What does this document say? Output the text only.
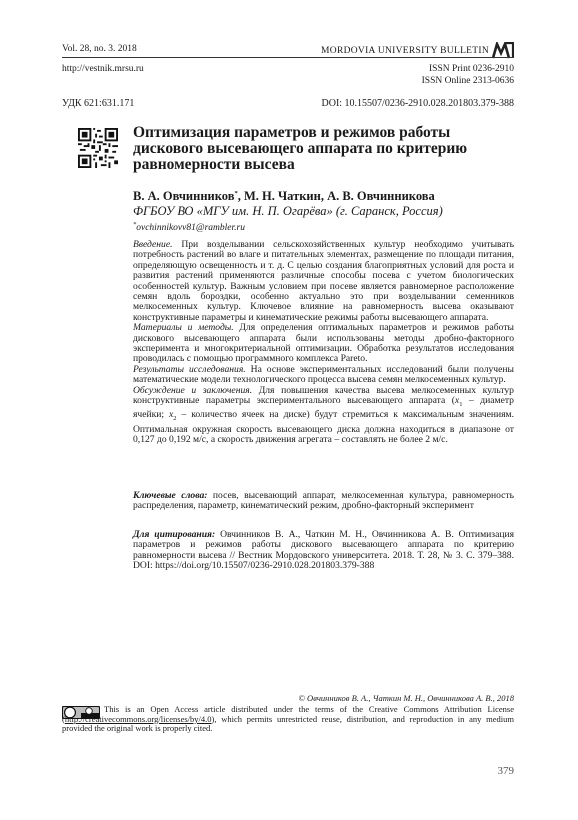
Vol. 28, no. 3. 2018	MORDOVIA UNIVERSITY BULLETIN
http://vestnik.mrsu.ru	ISSN Print 0236-2910
ISSN Online 2313-0636
УДК 621:631.171	DOI: 10.15507/0236-2910.028.201803.379-388
Оптимизация параметров и режимов работы дискового высевающего аппарата по критерию равномерности высева
В. А. Овчинников*, М. Н. Чаткин, А. В. Овчинникова
ФГБОУ ВО «МГУ им. Н. П. Огарёва» (г. Саранск, Россия)
*ovchinnikovv81@rambler.ru

Введение. При возделывании сельскохозяйственных культур необходимо учитывать потребность растений во влаге и питательных элементах, размещение по площади питания, определяющую освещенность и т. д. С целью создания благоприятных условий для роста и развития растений применяются различные способы посева с учетом биологических особенностей культур. Важным условием при посеве является равномерное расположение семян вдоль бороздки, особенно актуально это при возделывании семенников мелкосеменных культур. Ключевое влияние на равномерность высева оказывают конструктивные параметры и кинематические режимы работы высевающего аппарата.

Материалы и методы. Для определения оптимальных параметров и режимов работы дискового высевающего аппарата были использованы методы дробно-факторного эксперимента и многокритериальной оптимизации. Обработка результатов исследования проводилась с помощью программного комплекса Pareto.

Результаты исследования. На основе экспериментальных исследований были получены математические модели технологического процесса высева семян мелкосеменных культур.

Обсуждение и заключения. Для повышения качества высева мелкосеменных культур конструктивные параметры экспериментального высевающего аппарата ($x_1$ – диаметр ячейки; $x_2$ – количество ячеек на диске) будут стремиться к максимальным значениям. Оптимальная окружная скорость высевающего диска должна находиться в диапазоне от 0,127 до 0,192 м/с, а скорость движения агрегата – составлять не более 2 м/с.

Ключевые слова: посев, высевающий аппарат, мелкосеменная культура, равномерность распределения, параметр, кинематический режим, дробно-факторный эксперимент
Для цитирования: Овчинников В. А., Чаткин М. Н., Овчинникова А. В. Оптимизация параметров и режимов работы дискового высевающего аппарата по критерию равномерности высева // Вестник Мордовского университета. 2018. Т. 28, № 3. С. 379–388. DOI: https://doi.org/10.15507/0236-2910.028.201803.379-388
© Овчинников В. А., Чаткин М. Н., Овчинникова А. В., 2018
This is an Open Access article distributed under the terms of the Creative Commons Attribution License (http://creativecommons.org/licenses/by/4.0), which permits unrestricted reuse, distribution, and reproduction in any medium provided the original work is properly cited.
379
